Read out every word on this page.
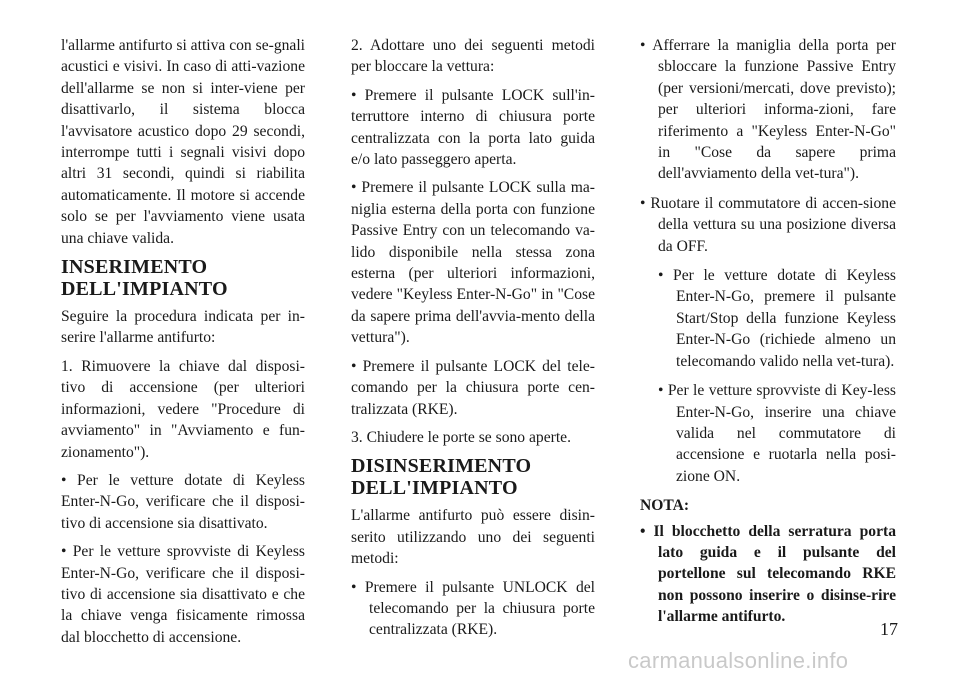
l'allarme antifurto si attiva con se-gnali acustici e visivi. In caso di atti-vazione dell'allarme se non si inter-viene per disattivarlo, il sistema blocca l'avvisatore acustico dopo 29 secondi, interrompe tutti i segnali visivi dopo altri 31 secondi, quindi si riabilita automaticamente. Il motore si accende solo se per l'avviamento viene usata una chiave valida.

INSERIMENTO DELL'IMPIANTO

Seguire la procedura indicata per in-serire l'allarme antifurto:

1. Rimuovere la chiave dal disposi-tivo di accensione (per ulteriori informazioni, vedere "Procedure di avviamento" in "Avviamento e fun-zionamento").

• Per le vetture dotate di Keyless Enter-N-Go, verificare che il disposi-tivo di accensione sia disattivato.

• Per le vetture sprovviste di Keyless Enter-N-Go, verificare che il disposi-tivo di accensione sia disattivato e che la chiave venga fisicamente rimossa dal blocchetto di accensione.

2. Adottare uno dei seguenti metodi per bloccare la vettura:

• Premere il pulsante LOCK sull'in-terruttore interno di chiusura porte centralizzata con la porta lato guida e/o lato passeggero aperta.

• Premere il pulsante LOCK sulla ma-niglia esterna della porta con funzione Passive Entry con un telecomando va-lido disponibile nella stessa zona esterna (per ulteriori informazioni, vedere "Keyless Enter-N-Go" in "Cose da sapere prima dell'avvia-mento della vettura").

• Premere il pulsante LOCK del tele-comando per la chiusura porte cen-tralizzata (RKE).

3. Chiudere le porte se sono aperte.

DISINSERIMENTO DELL'IMPIANTO

L'allarme antifurto può essere disin-serito utilizzando uno dei seguenti metodi:

• Premere il pulsante UNLOCK del telecomando per la chiusura porte centralizzata (RKE).

• Afferrare la maniglia della porta per sbloccare la funzione Passive Entry (per versioni/mercati, dove previsto); per ulteriori informa-zioni, fare riferimento a "Keyless Enter-N-Go" in "Cose da sapere prima dell'avviamento della vet-tura").

• Ruotare il commutatore di accen-sione della vettura su una posizione diversa da OFF.

• Per le vetture dotate di Keyless Enter-N-Go, premere il pulsante Start/Stop della funzione Keyless Enter-N-Go (richiede almeno un telecomando valido nella vet-tura).

• Per le vetture sprovviste di Key-less Enter-N-Go, inserire una chiave valida nel commutatore di accensione e ruotarla nella posi-zione ON.

NOTA:

• Il blocchetto della serratura porta lato guida e il pulsante del portellone sul telecomando RKE non possono inserire o disinse-rire l'allarme antifurto.

17
carmanualsonline.info
